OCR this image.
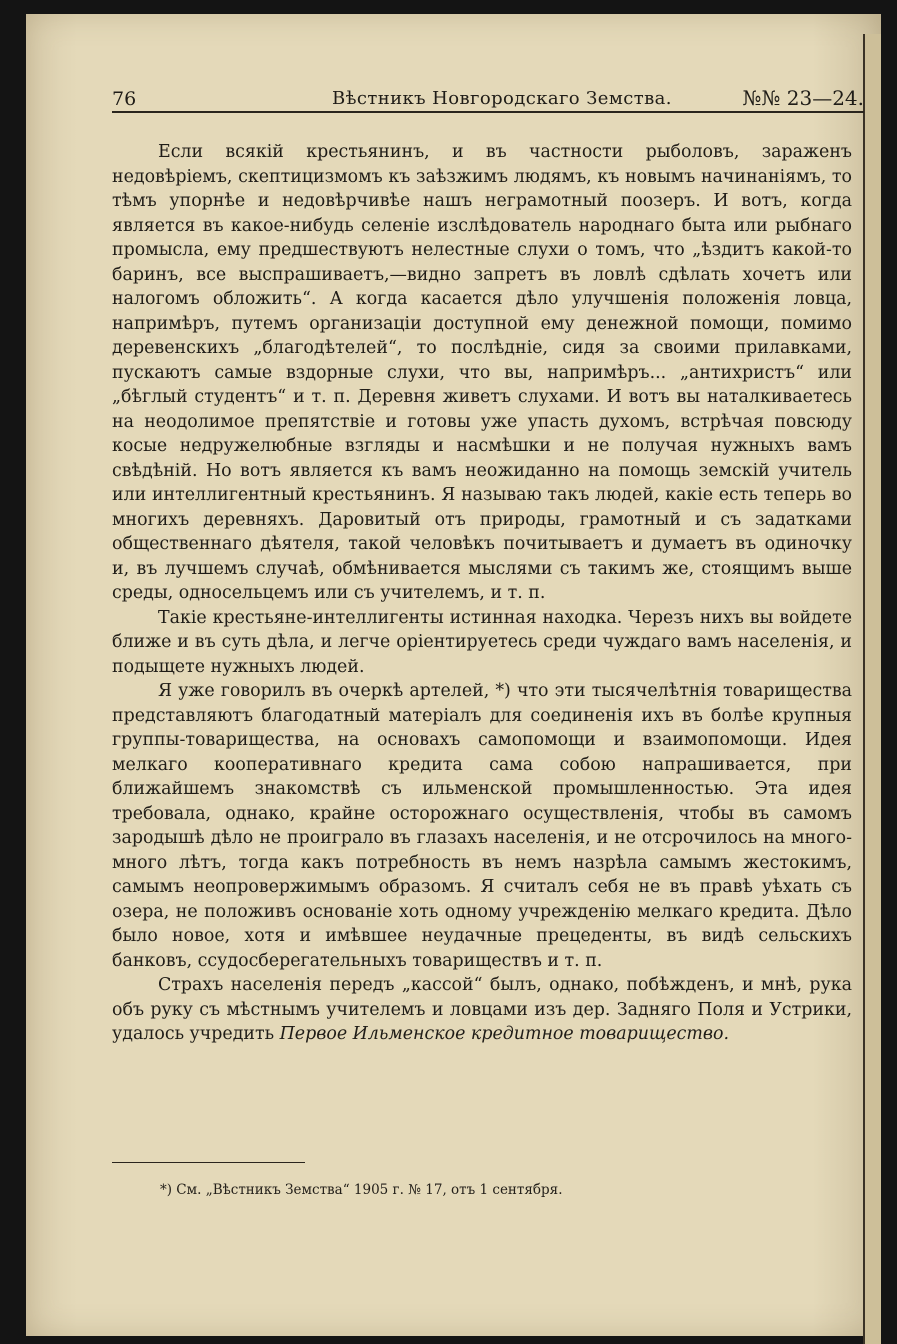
76	Вѣстникъ Новгородскаго Земства.	№№ 23—24.

Если всякій крестьянинъ, и въ частности рыболовъ, зараженъ недовѣріемъ, скептицизмомъ къ заѣзжимъ людямъ, къ новымъ начинаніямъ, то тѣмъ упорнѣе и недовѣрчивѣе нашъ неграмотный поозеръ. И вотъ, когда является въ какое-нибудь селеніе изслѣдователь народнаго быта или рыбнаго промысла, ему предшествуютъ нелестные слухи о томъ, что „ѣздитъ какой-то баринъ, все выспрашиваетъ,—видно запретъ въ ловлѣ сдѣлать хочетъ или налогомъ обложить“. А когда касается дѣло улучшенія положенія ловца, напримѣръ, путемъ организаціи доступной ему денежной помощи, помимо деревенскихъ „благодѣтелей“, то послѣдніе, сидя за своими прилавками, пускаютъ самые вздорные слухи, что вы, напримѣръ... „антихристъ“ или „бѣглый студентъ“ и т. п. Деревня живетъ слухами. И вотъ вы наталкиваетесь на неодолимое препятствіе и готовы уже упасть духомъ, встрѣчая повсюду косые недружелюбные взгляды и насмѣшки и не получая нужныхъ вамъ свѣдѣній. Но вотъ является къ вамъ неожиданно на помощь земскій учитель или интеллигентный крестьянинъ. Я называю такъ людей, какіе есть теперь во многихъ деревняхъ. Даровитый отъ природы, грамотный и съ задатками общественнаго дѣятеля, такой человѣкъ почитываетъ и думаетъ въ одиночку и, въ лучшемъ случаѣ, обмѣнивается мыслями съ такимъ же, стоящимъ выше среды, односельцемъ или съ учителемъ, и т. п.

Такіе крестьяне-интеллигенты истинная находка. Черезъ нихъ вы войдете ближе и въ суть дѣла, и легче оріентируетесь среди чуждаго вамъ населенія, и подыщете нужныхъ людей.

Я уже говорилъ въ очеркѣ артелей, *) что эти тысячелѣтнія товарищества представляютъ благодатный матеріалъ для соединенія ихъ въ болѣе крупныя группы-товарищества, на основахъ самопомощи и взаимопомощи. Идея мелкаго кооперативнаго кредита сама собою напрашивается, при ближайшемъ знакомствѣ съ ильменской промышленностью. Эта идея требовала, однако, крайне осторожнаго осуществленія, чтобы въ самомъ зародышѣ дѣло не проиграло въ глазахъ населенія, и не отсрочилось на много-много лѣтъ, тогда какъ потребность въ немъ назрѣла самымъ жестокимъ, самымъ неопровержимымъ образомъ. Я считалъ себя не въ правѣ уѣхать съ озера, не положивъ основаніе хоть одному учрежденію мелкаго кредита. Дѣло было новое, хотя и имѣвшее неудачные прецеденты, въ видѣ сельскихъ банковъ, ссудосберегательныхъ товариществъ и т. п.

Страхъ населенія передъ „кассой“ былъ, однако, побѣжденъ, и мнѣ, рука объ руку съ мѣстнымъ учителемъ и ловцами изъ дер. Задняго Поля и Устрики, удалось учредить Первое Ильменское кредитное товарищество.

*) См. „Вѣстникъ Земства“ 1905 г. № 17, отъ 1 сентября.
